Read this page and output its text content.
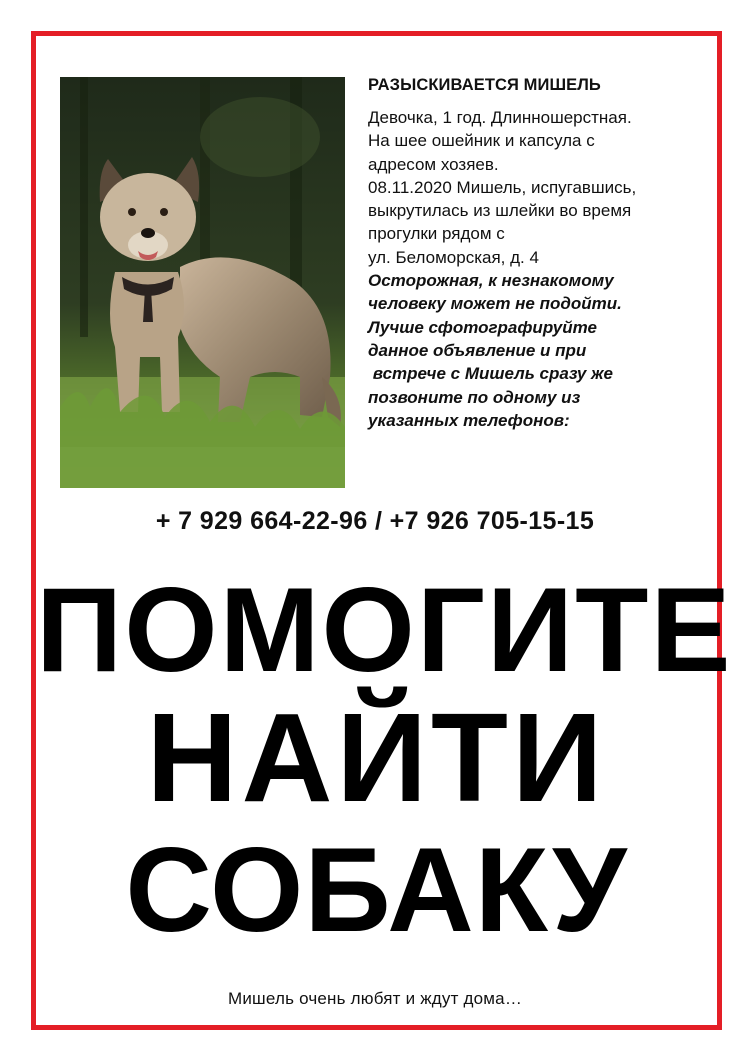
РАЗЫСКИВАЕТСЯ МИШЕЛЬ
Девочка, 1 год. Длинношерстная.
На шее ошейник и капсула с
адресом хозяев.
08.11.2020 Мишель, испугавшись,
выкрутилась из шлейки во время
прогулки рядом с
ул. Беломорская, д. 4
Осторожная, к незнакомому
человеку может не подойти.
Лучше сфотографируйте
данное объявление и при
встрече с Мишель сразу же
позвоните по одному из
указанных телефонов:
+ 7 929 664-22-96 / +7 926 705-15-15
ПОМОГИТЕ
НАЙТИ
СОБАКУ
Мишель очень любят и ждут дома…
